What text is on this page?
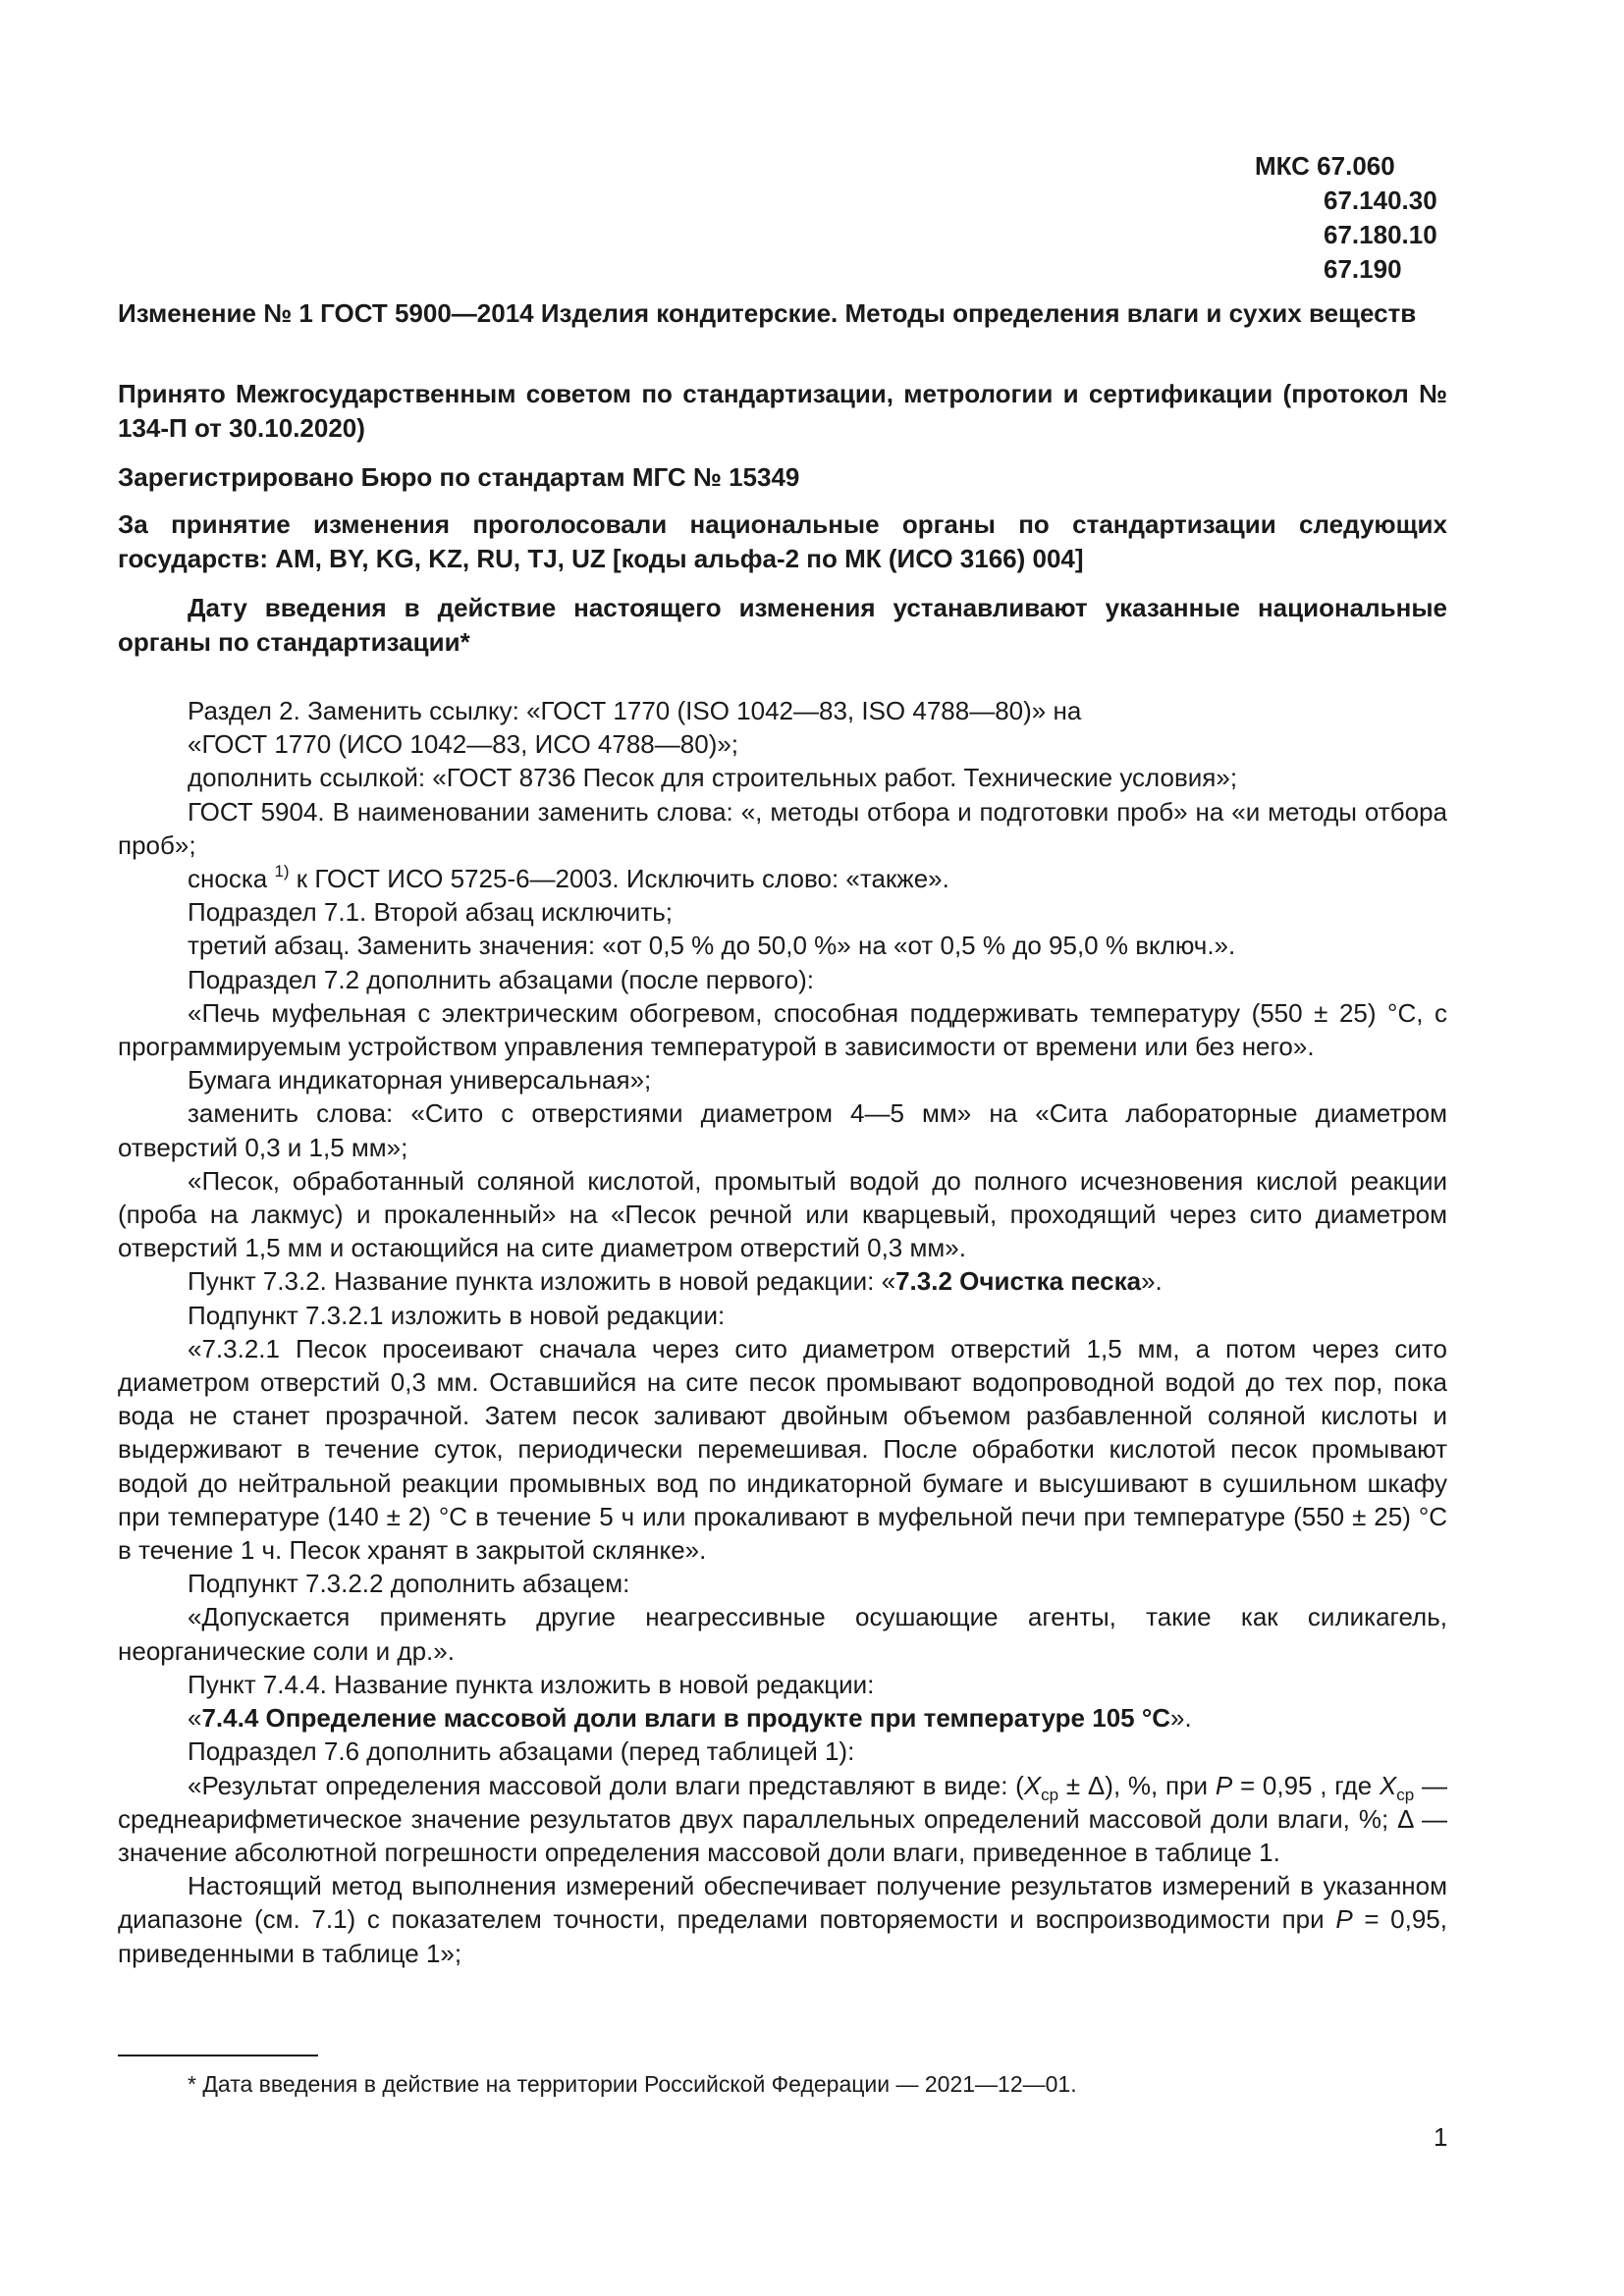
МКС 67.060
67.140.30
67.180.10
67.190

Изменение № 1 ГОСТ 5900—2014 Изделия кондитерские. Методы определения влаги и сухих веществ

Принято Межгосударственным советом по стандартизации, метрологии и сертификации (протокол № 134-П от 30.10.2020)

Зарегистрировано Бюро по стандартам МГС № 15349

За принятие изменения проголосовали национальные органы по стандартизации следующих государств: AM, BY, KG, KZ, RU, TJ, UZ [коды альфа-2 по МК (ИСО 3166) 004]

Дату введения в действие настоящего изменения устанавливают указанные национальные органы по стандартизации*

Раздел 2. Заменить ссылку: «ГОСТ 1770 (ISO 1042—83, ISO 4788—80)» на

«ГОСТ 1770 (ИСО 1042—83, ИСО 4788—80)»;

дополнить ссылкой: «ГОСТ 8736 Песок для строительных работ. Технические условия»;

ГОСТ 5904. В наименовании заменить слова: «, методы отбора и подготовки проб» на «и методы отбора проб»;

сноска $^{1)}$ к ГОСТ ИСО 5725-6—2003. Исключить слово: «также».

Подраздел 7.1. Второй абзац исключить;

третий абзац. Заменить значения: «от 0,5 % до 50,0 %» на «от 0,5 % до 95,0 % включ.».

Подраздел 7.2 дополнить абзацами (после первого):

«Печь муфельная с электрическим обогревом, способная поддерживать температуру (550 ± 25) °С, с программируемым устройством управления температурой в зависимости от времени или без него».

Бумага индикаторная универсальная»;

заменить слова: «Сито с отверстиями диаметром 4—5 мм» на «Сита лабораторные диаметром отверстий 0,3 и 1,5 мм»;

«Песок, обработанный соляной кислотой, промытый водой до полного исчезновения кислой реакции (проба на лакмус) и прокаленный» на «Песок речной или кварцевый, проходящий через сито диаметром отверстий 1,5 мм и остающийся на сите диаметром отверстий 0,3 мм».

Пункт 7.3.2. Название пункта изложить в новой редакции: «7.3.2 Очистка песка».

Подпункт 7.3.2.1 изложить в новой редакции:

«7.3.2.1 Песок просеивают сначала через сито диаметром отверстий 1,5 мм, а потом через сито диаметром отверстий 0,3 мм. Оставшийся на сите песок промывают водопроводной водой до тех пор, пока вода не станет прозрачной. Затем песок заливают двойным объемом разбавленной соляной кислоты и выдерживают в течение суток, периодически перемешивая. После обработки кислотой песок промывают водой до нейтральной реакции промывных вод по индикаторной бумаге и высушивают в сушильном шкафу при температуре (140 ± 2) °С в течение 5 ч или прокаливают в муфельной печи при температуре (550 ± 25) °С в течение 1 ч. Песок хранят в закрытой склянке».

Подпункт 7.3.2.2 дополнить абзацем:

«Допускается применять другие неагрессивные осушающие агенты, такие как силикагель, неорганические соли и др.».

Пункт 7.4.4. Название пункта изложить в новой редакции:

«7.4.4 Определение массовой доли влаги в продукте при температуре 105 °С».

Подраздел 7.6 дополнить абзацами (перед таблицей 1):

«Результат определения массовой доли влаги представляют в виде: $(X_{ср} \pm \Delta)$, %, при P = 0,95 , где $X_{ср}$ — среднеарифметическое значение результатов двух параллельных определений массовой доли влаги, %; Δ — значение абсолютной погрешности определения массовой доли влаги, приведенное в таблице 1.

Настоящий метод выполнения измерений обеспечивает получение результатов измерений в указанном диапазоне (см. 7.1) с показателем точности, пределами повторяемости и воспроизводимости при P = 0,95, приведенными в таблице 1»;

* Дата введения в действие на территории Российской Федерации — 2021—12—01.
1
